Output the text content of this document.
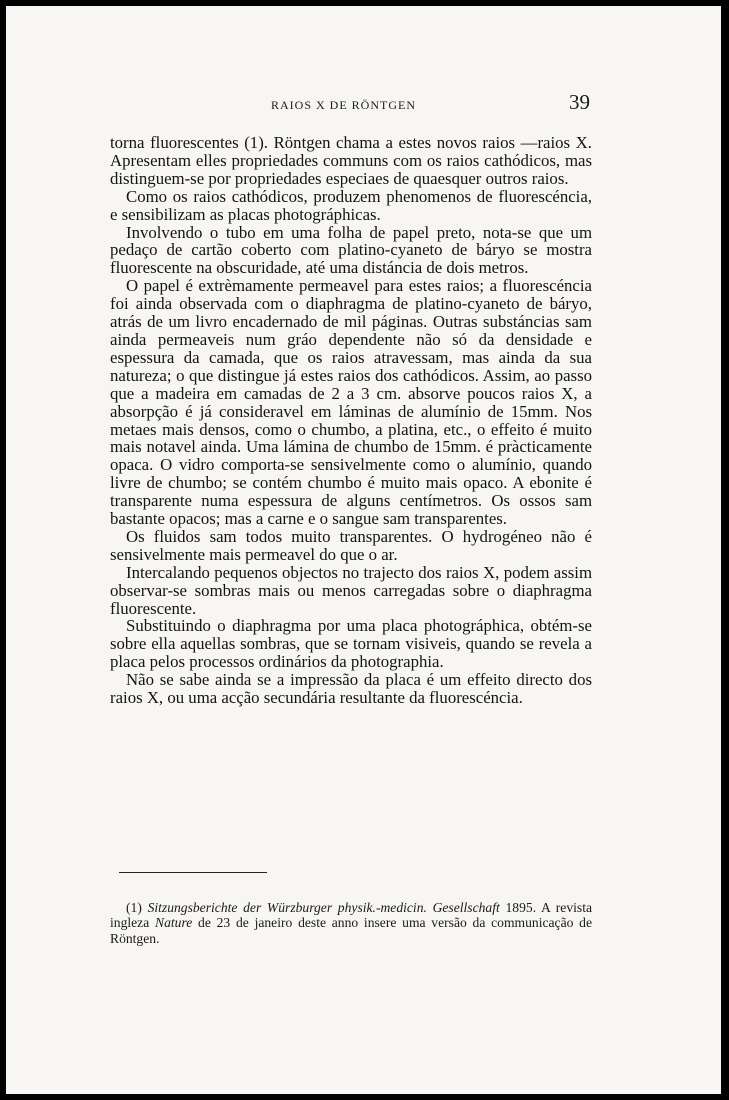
RAIOS X DE RÖNTGEN	39

torna fluorescentes (1). Röntgen chama a estes novos raios —raios X. Apresentam elles propriedades communs com os raios cathódicos, mas distinguem-se por propriedades especiaes de quaesquer outros raios.

Como os raios cathódicos, produzem phenomenos de fluorescéncia, e sensibilizam as placas photográphicas.

Involvendo o tubo em uma folha de papel preto, nota-se que um pedaço de cartão coberto com platino-cyaneto de báryo se mostra fluorescente na obscuridade, até uma distáncia de dois metros.

O papel é extrèmamente permeavel para estes raios; a fluorescéncia foi ainda observada com o diaphragma de platino-cyaneto de báryo, atrás de um livro encadernado de mil páginas. Outras substáncias sam ainda permeaveis num gráo dependente não só da densidade e espessura da camada, que os raios atravessam, mas ainda da sua natureza; o que distingue já estes raios dos cathódicos. Assim, ao passo que a madeira em camadas de 2 a 3 cm. absorve poucos raios X, a absorpção é já consideravel em láminas de alumínio de 15mm. Nos metaes mais densos, como o chumbo, a platina, etc., o effeito é muito mais notavel ainda. Uma lámina de chumbo de 15mm. é pràcticamente opaca. O vidro comporta-se sensivelmente como o alumínio, quando livre de chumbo; se contém chumbo é muito mais opaco. A ebonite é transparente numa espessura de alguns centímetros. Os ossos sam bastante opacos; mas a carne e o sangue sam transparentes.

Os fluidos sam todos muito transparentes. O hydrogéneo não é sensivelmente mais permeavel do que o ar.

Intercalando pequenos objectos no trajecto dos raios X, podem assim observar-se sombras mais ou menos carregadas sobre o diaphragma fluorescente.

Substituindo o diaphragma por uma placa photográphica, obtém-se sobre ella aquellas sombras, que se tornam visiveis, quando se revela a placa pelos processos ordinários da photographia.

Não se sabe ainda se a impressão da placa é um effeito directo dos raios X, ou uma acção secundária resultante da fluorescéncia.

(1) Sitzungsberichte der Würzburger physik.-medicin. Gesellschaft 1895. A revista ingleza Nature de 23 de janeiro deste anno insere uma versão da communicação de Röntgen.
